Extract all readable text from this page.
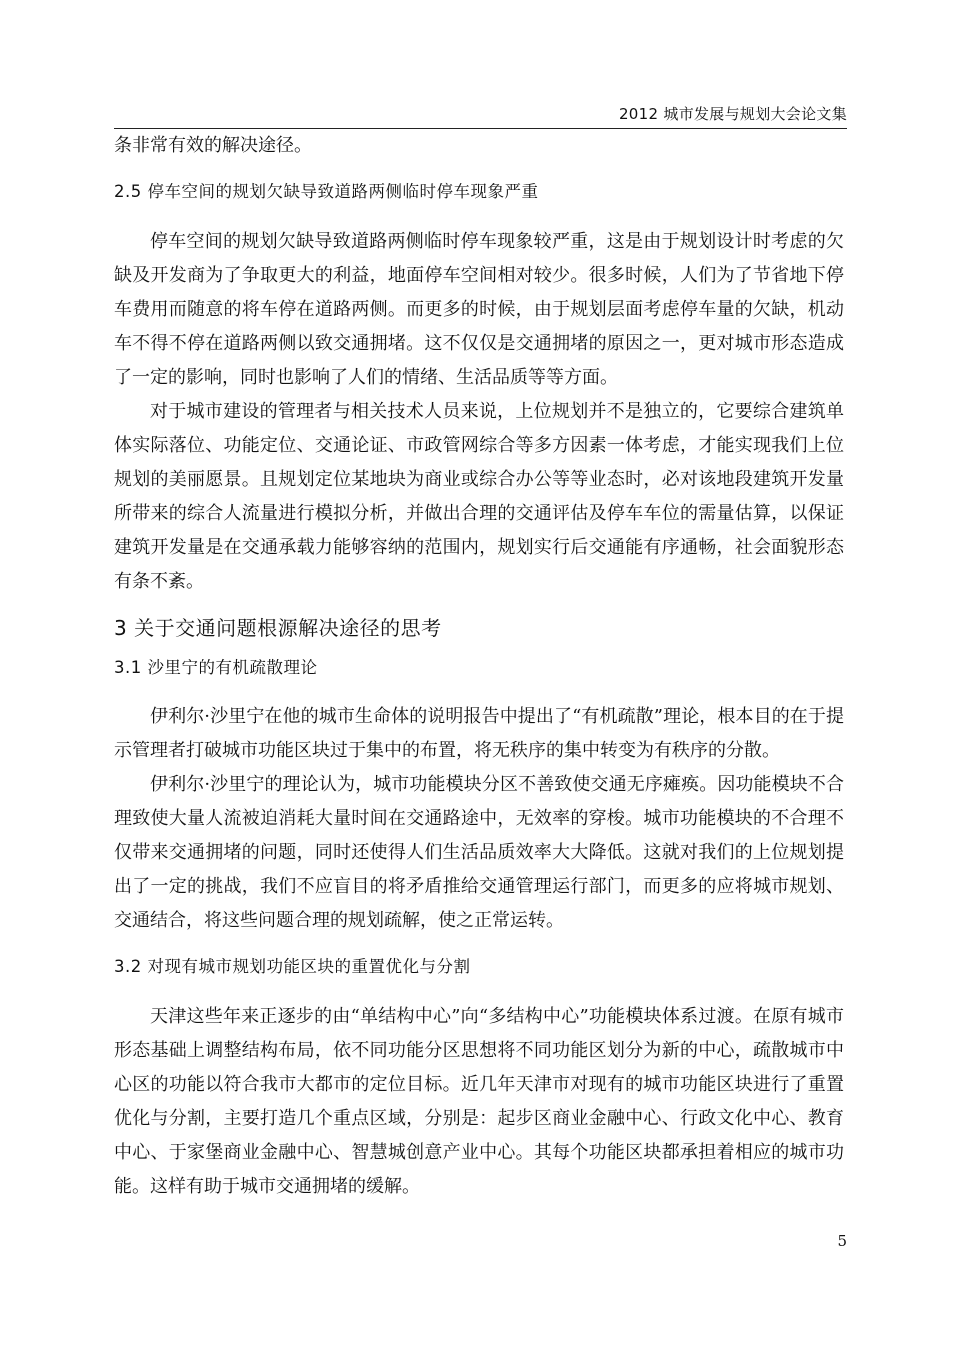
2012 城市发展与规划大会论文集

条非常有效的解决途径。

2.5 停车空间的规划欠缺导致道路两侧临时停车现象严重

停车空间的规划欠缺导致道路两侧临时停车现象较严重，这是由于规划设计时考虑的欠缺及开发商为了争取更大的利益，地面停车空间相对较少。很多时候，人们为了节省地下停车费用而随意的将车停在道路两侧。而更多的时候，由于规划层面考虑停车量的欠缺，机动车不得不停在道路两侧以致交通拥堵。这不仅仅是交通拥堵的原因之一，更对城市形态造成了一定的影响，同时也影响了人们的情绪、生活品质等等方面。

对于城市建设的管理者与相关技术人员来说，上位规划并不是独立的，它要综合建筑单体实际落位、功能定位、交通论证、市政管网综合等多方因素一体考虑，才能实现我们上位规划的美丽愿景。且规划定位某地块为商业或综合办公等等业态时，必对该地段建筑开发量所带来的综合人流量进行模拟分析，并做出合理的交通评估及停车车位的需量估算，以保证建筑开发量是在交通承载力能够容纳的范围内，规划实行后交通能有序通畅，社会面貌形态有条不紊。

3 关于交通问题根源解决途径的思考
3.1 沙里宁的有机疏散理论

伊利尔·沙里宁在他的城市生命体的说明报告中提出了“有机疏散”理论，根本目的在于提示管理者打破城市功能区块过于集中的布置，将无秩序的集中转变为有秩序的分散。

伊利尔·沙里宁的理论认为，城市功能模块分区不善致使交通无序瘫痪。因功能模块不合理致使大量人流被迫消耗大量时间在交通路途中，无效率的穿梭。城市功能模块的不合理不仅带来交通拥堵的问题，同时还使得人们生活品质效率大大降低。这就对我们的上位规划提出了一定的挑战，我们不应盲目的将矛盾推给交通管理运行部门，而更多的应将城市规划、交通结合，将这些问题合理的规划疏解，使之正常运转。

3.2 对现有城市规划功能区块的重置优化与分割

天津这些年来正逐步的由“单结构中心”向“多结构中心”功能模块体系过渡。在原有城市形态基础上调整结构布局，依不同功能分区思想将不同功能区划分为新的中心，疏散城市中心区的功能以符合我市大都市的定位目标。近几年天津市对现有的城市功能区块进行了重置优化与分割，主要打造几个重点区域，分别是：起步区商业金融中心、行政文化中心、教育中心、于家堡商业金融中心、智慧城创意产业中心。其每个功能区块都承担着相应的城市功能。这样有助于城市交通拥堵的缓解。

5
